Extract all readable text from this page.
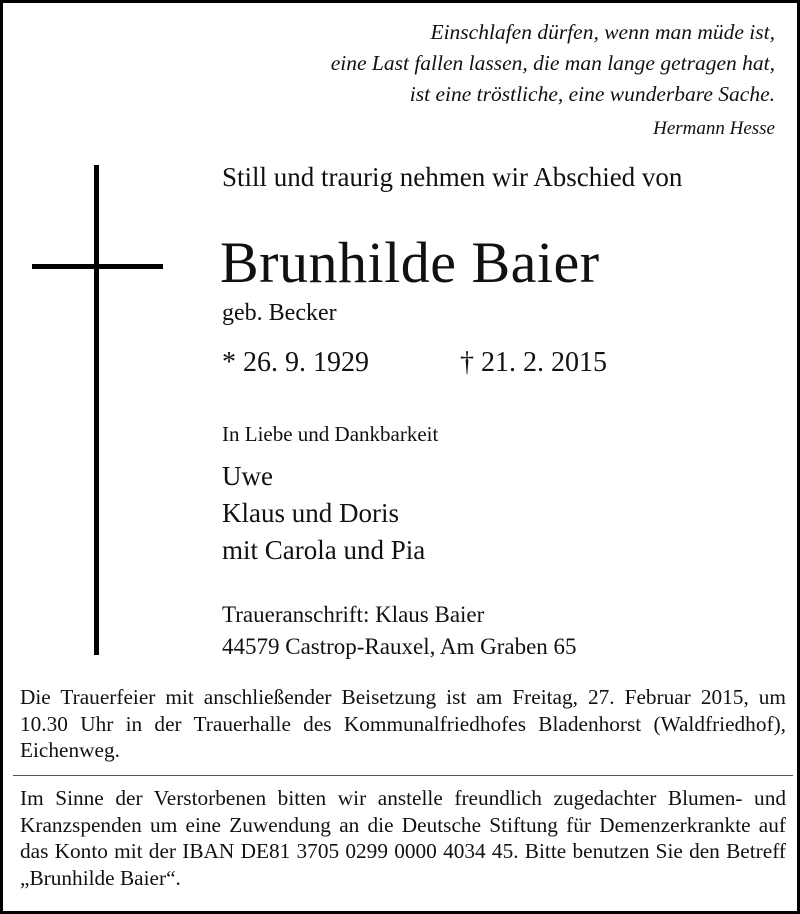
Einschlafen dürfen, wenn man müde ist,
eine Last fallen lassen, die man lange getragen hat,
ist eine tröstliche, eine wunderbare Sache.
Hermann Hesse
Still und traurig nehmen wir Abschied von
Brunhilde Baier
geb. Becker
* 26. 9. 1929	† 21. 2. 2015
In Liebe und Dankbarkeit
Uwe
Klaus und Doris
mit Carola und Pia
Traueranschrift: Klaus Baier
44579 Castrop-Rauxel, Am Graben 65
Die Trauerfeier mit anschließender Beisetzung ist am Freitag, 27. Februar 2015, um 10.30 Uhr in der Trauerhalle des Kommunalfriedhofes Bladenhorst (Waldfriedhof), Eichenweg.
Im Sinne der Verstorbenen bitten wir anstelle freundlich zugedachter Blumen- und Kranzspenden um eine Zuwendung an die Deutsche Stiftung für Demenzerkrankte auf das Konto mit der IBAN DE81 3705 0299 0000 4034 45. Bitte benutzen Sie den Betreff „Brunhilde Baier“.
